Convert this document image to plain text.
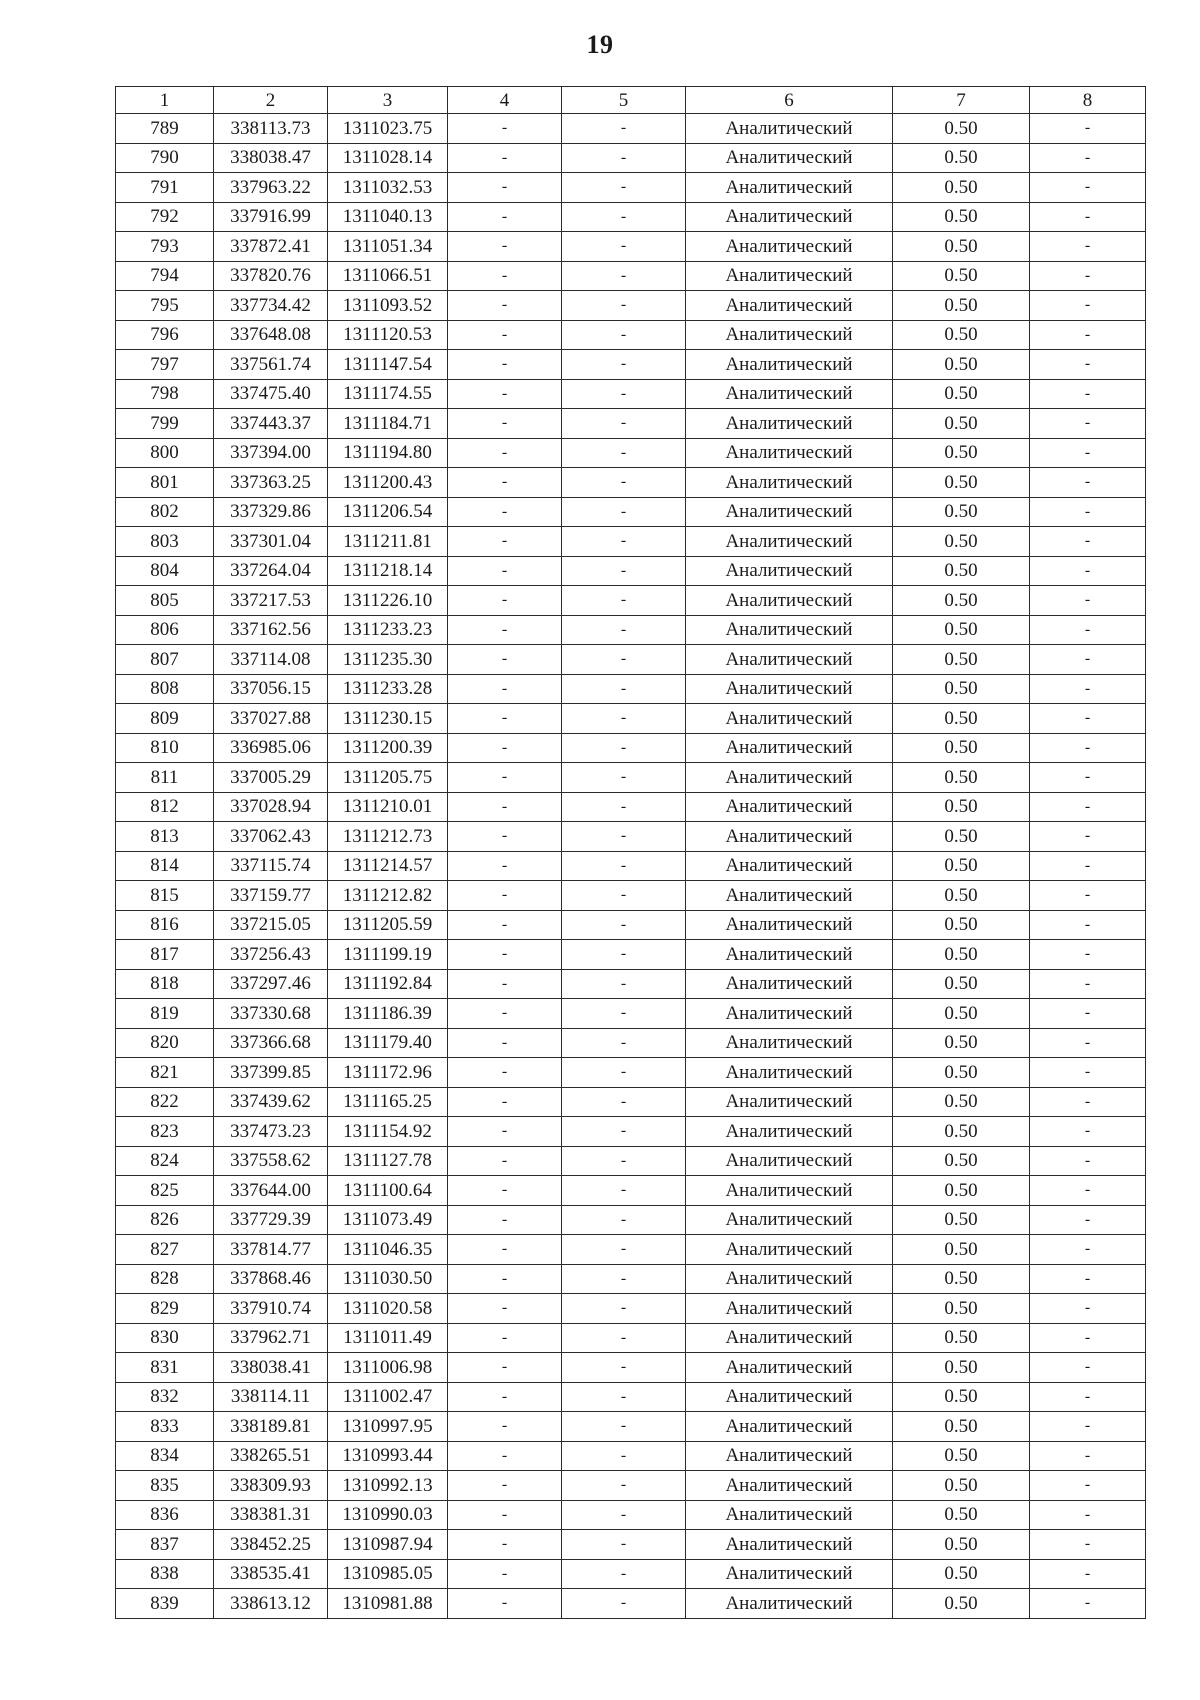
19
1	2	3	4	5	6	7	8
789	338113.73	1311023.75	-	-	Аналитический	0.50	-
790	338038.47	1311028.14	-	-	Аналитический	0.50	-
791	337963.22	1311032.53	-	-	Аналитический	0.50	-
792	337916.99	1311040.13	-	-	Аналитический	0.50	-
793	337872.41	1311051.34	-	-	Аналитический	0.50	-
794	337820.76	1311066.51	-	-	Аналитический	0.50	-
795	337734.42	1311093.52	-	-	Аналитический	0.50	-
796	337648.08	1311120.53	-	-	Аналитический	0.50	-
797	337561.74	1311147.54	-	-	Аналитический	0.50	-
798	337475.40	1311174.55	-	-	Аналитический	0.50	-
799	337443.37	1311184.71	-	-	Аналитический	0.50	-
800	337394.00	1311194.80	-	-	Аналитический	0.50	-
801	337363.25	1311200.43	-	-	Аналитический	0.50	-
802	337329.86	1311206.54	-	-	Аналитический	0.50	-
803	337301.04	1311211.81	-	-	Аналитический	0.50	-
804	337264.04	1311218.14	-	-	Аналитический	0.50	-
805	337217.53	1311226.10	-	-	Аналитический	0.50	-
806	337162.56	1311233.23	-	-	Аналитический	0.50	-
807	337114.08	1311235.30	-	-	Аналитический	0.50	-
808	337056.15	1311233.28	-	-	Аналитический	0.50	-
809	337027.88	1311230.15	-	-	Аналитический	0.50	-
810	336985.06	1311200.39	-	-	Аналитический	0.50	-
811	337005.29	1311205.75	-	-	Аналитический	0.50	-
812	337028.94	1311210.01	-	-	Аналитический	0.50	-
813	337062.43	1311212.73	-	-	Аналитический	0.50	-
814	337115.74	1311214.57	-	-	Аналитический	0.50	-
815	337159.77	1311212.82	-	-	Аналитический	0.50	-
816	337215.05	1311205.59	-	-	Аналитический	0.50	-
817	337256.43	1311199.19	-	-	Аналитический	0.50	-
818	337297.46	1311192.84	-	-	Аналитический	0.50	-
819	337330.68	1311186.39	-	-	Аналитический	0.50	-
820	337366.68	1311179.40	-	-	Аналитический	0.50	-
821	337399.85	1311172.96	-	-	Аналитический	0.50	-
822	337439.62	1311165.25	-	-	Аналитический	0.50	-
823	337473.23	1311154.92	-	-	Аналитический	0.50	-
824	337558.62	1311127.78	-	-	Аналитический	0.50	-
825	337644.00	1311100.64	-	-	Аналитический	0.50	-
826	337729.39	1311073.49	-	-	Аналитический	0.50	-
827	337814.77	1311046.35	-	-	Аналитический	0.50	-
828	337868.46	1311030.50	-	-	Аналитический	0.50	-
829	337910.74	1311020.58	-	-	Аналитический	0.50	-
830	337962.71	1311011.49	-	-	Аналитический	0.50	-
831	338038.41	1311006.98	-	-	Аналитический	0.50	-
832	338114.11	1311002.47	-	-	Аналитический	0.50	-
833	338189.81	1310997.95	-	-	Аналитический	0.50	-
834	338265.51	1310993.44	-	-	Аналитический	0.50	-
835	338309.93	1310992.13	-	-	Аналитический	0.50	-
836	338381.31	1310990.03	-	-	Аналитический	0.50	-
837	338452.25	1310987.94	-	-	Аналитический	0.50	-
838	338535.41	1310985.05	-	-	Аналитический	0.50	-
839	338613.12	1310981.88	-	-	Аналитический	0.50	-
